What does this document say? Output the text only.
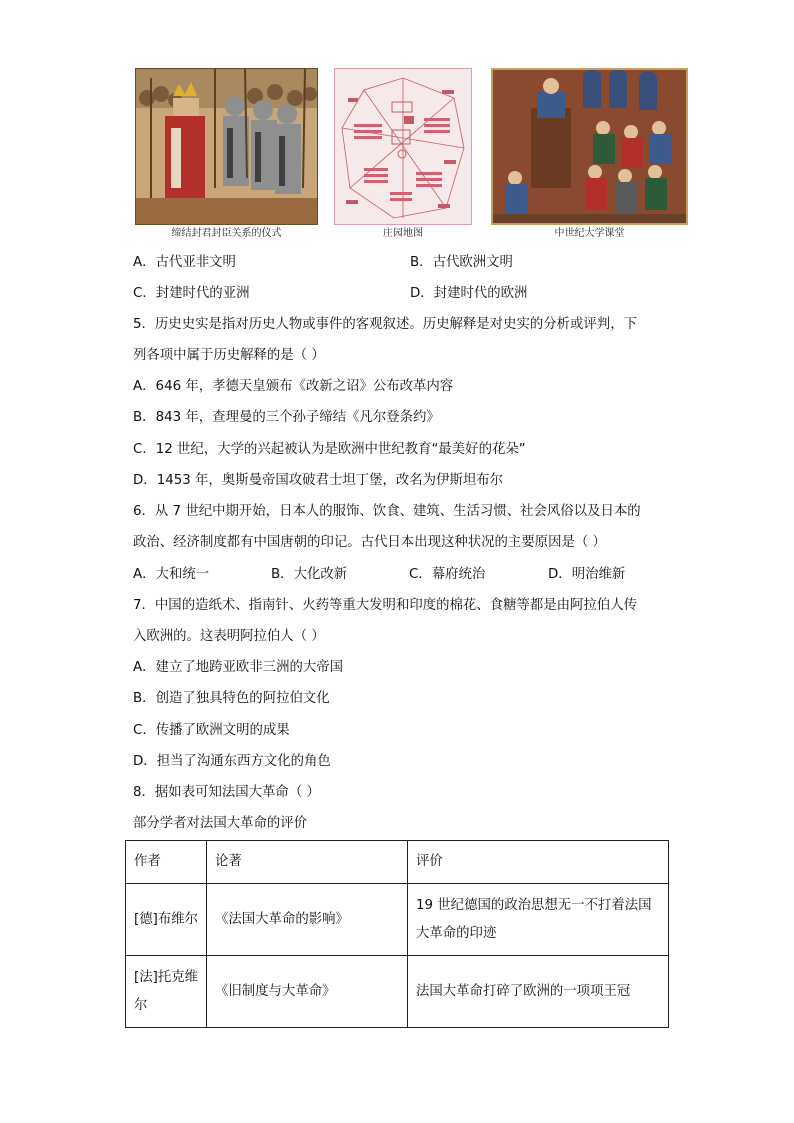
缔结封君封臣关系的仪式	庄园地图	中世纪大学课堂
A．古代亚非文明	B．古代欧洲文明
C．封建时代的亚洲	D．封建时代的欧洲
5．历史史实是指对历史人物或事件的客观叙述。历史解释是对史实的分析或评判，下
列各项中属于历史解释的是（ ）
A．646 年，孝德天皇颁布《改新之诏》公布改革内容
B．843 年，查理曼的三个孙子缔结《凡尔登条约》
C．12 世纪，大学的兴起被认为是欧洲中世纪教育“最美好的花朵”
D．1453 年，奥斯曼帝国攻破君士坦丁堡，改名为伊斯坦布尔
6．从 7 世纪中期开始，日本人的服饰、饮食、建筑、生活习惯、社会风俗以及日本的
政治、经济制度都有中国唐朝的印记。古代日本出现这种状况的主要原因是（ ）
A．大和统一	B．大化改新	C．幕府统治	D．明治维新
7．中国的造纸术、指南针、火药等重大发明和印度的棉花、食糖等都是由阿拉伯人传
入欧洲的。这表明阿拉伯人（ ）
A．建立了地跨亚欧非三洲的大帝国
B．创造了独具特色的阿拉伯文化
C．传播了欧洲文明的成果
D．担当了沟通东西方文化的角色
8．据如表可知法国大革命（ ）
部分学者对法国大革命的评价
作者	论著	评价
[德]布维尔	《法国大革命的影响》	19 世纪德国的政治思想无一不打着法国
大革命的印迹

[法]托克维
尔	《旧制度与大革命》	法国大革命打碎了欧洲的一项项王冠
